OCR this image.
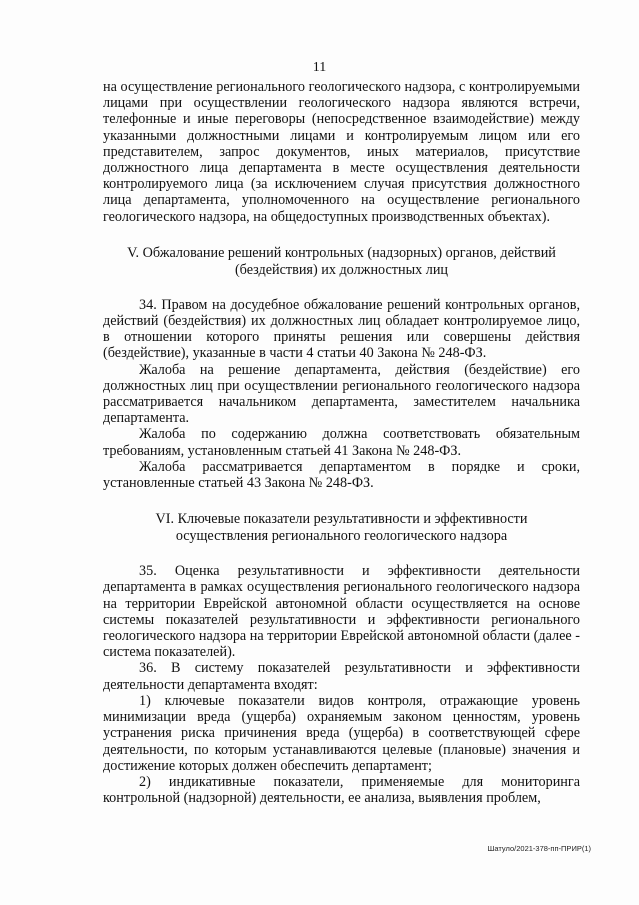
11

на осуществление регионального геологического надзора, с контролируемыми лицами при осуществлении геологического надзора являются встречи, телефонные и иные переговоры (непосредственное взаимодействие) между указанными должностными лицами и контролируемым лицом или его представителем, запрос документов, иных материалов, присутствие должностного лица департамента в месте осуществления деятельности контролируемого лица (за исключением случая присутствия должностного лица департамента, уполномоченного на осуществление регионального геологического надзора, на общедоступных производственных объектах).

V. Обжалование решений контрольных (надзорных) органов, действий

(бездействия) их должностных лиц

34. Правом на досудебное обжалование решений контрольных органов, действий (бездействия) их должностных лиц обладает контролируемое лицо, в отношении которого приняты решения или совершены действия (бездействие), указанные в части 4 статьи 40 Закона № 248-ФЗ.

Жалоба на решение департамента, действия (бездействие) его должностных лиц при осуществлении регионального геологического надзора рассматривается начальником департамента, заместителем начальника департамента.

Жалоба по содержанию должна соответствовать обязательным требованиям, установленным статьей 41 Закона № 248-ФЗ.

Жалоба рассматривается департаментом в порядке и сроки, установленные статьей 43 Закона № 248-ФЗ.

VI. Ключевые показатели результативности и эффективности

осуществления регионального геологического надзора

35. Оценка результативности и эффективности деятельности департамента в рамках осуществления регионального геологического надзора на территории Еврейской автономной области осуществляется на основе системы показателей результативности и эффективности регионального геологического надзора на территории Еврейской автономной области (далее - система показателей).

36. В систему показателей результативности и эффективности деятельности департамента входят:

1) ключевые показатели видов контроля, отражающие уровень минимизации вреда (ущерба) охраняемым законом ценностям, уровень устранения риска причинения вреда (ущерба) в соответствующей сфере деятельности, по которым устанавливаются целевые (плановые) значения и достижение которых должен обеспечить департамент;

2) индикативные показатели, применяемые для мониторинга контрольной (надзорной) деятельности, ее анализа, выявления проблем,

Шатуло/2021-378-пп-ПРИР(1)
